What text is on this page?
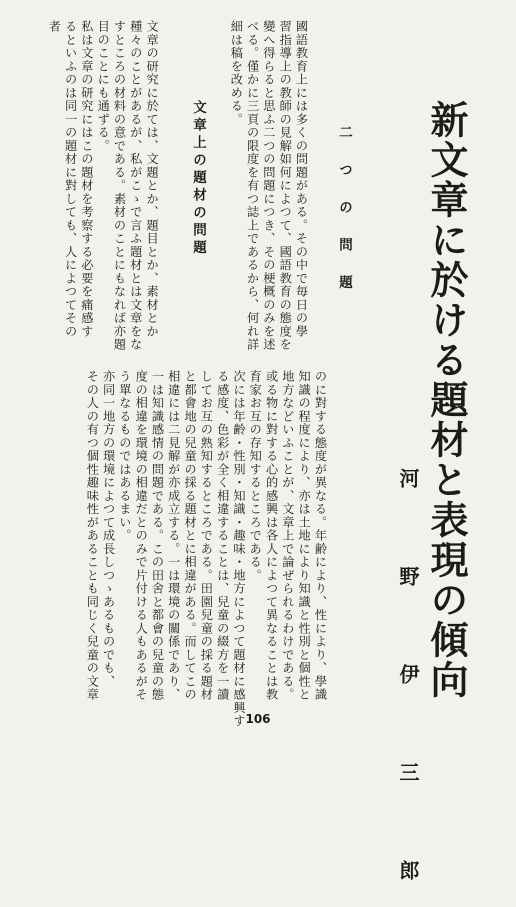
新文章に於ける題材と表現の傾向
河 野 伊 三 郎
二 つ の 問 題
國語教育上には多くの問題がある。その中で毎日の學
習指導上の教師の見解如何によつて、國語教育の態度を
變へ得らると思ふ二つの問題につき、その梗概のみを述
べる。僅かに三頁の限度を有つ誌上であるから、何れ詳
細は稿を改める。
文章上の題材の問題
文章の研究に於ては、文題とか、題目とか、素材とか
種々のことがあるが、私がこゝで言ふ題材とは文章をな
すところの材料の意である。素材のことにもなれば亦題
目のことにも通ずる。
私は文章の研究にはこの題材を考察する必要を痛感す
るといふのは同一の題材に對しても、人によつてその
者
のに對する態度が異なる。年齢により、性により、學識
知識の程度により、亦は土地により知識と性別と個性と
地方などいふことが、文章上で論ぜられるわけである。
或る物に對する心的感興は各人によつて異なることは教
育家お互の存知するところである。
次には年齢・性別・知識・趣味・地方によつて題材に感興す
る感度、色彩が全く相違することは、兒童の綴方を一讀
してお互の熟知するところである。田園兒童の採る題材
と都會地の兒童の採る題材とに相違がある。而してこの
相違には二見解が亦成立する。一は環境の關係であり、
一は知識感情の問題である。この田舍と都會の兒童の態
度の相違を環境の相違だとのみで片付ける人もあるがそ
う單なるものではあるまい。
亦同一地方の環境によつて成長しつゝあるものでも、
その人の有つ個性趣味性があることも同じく兒童の文章
106
